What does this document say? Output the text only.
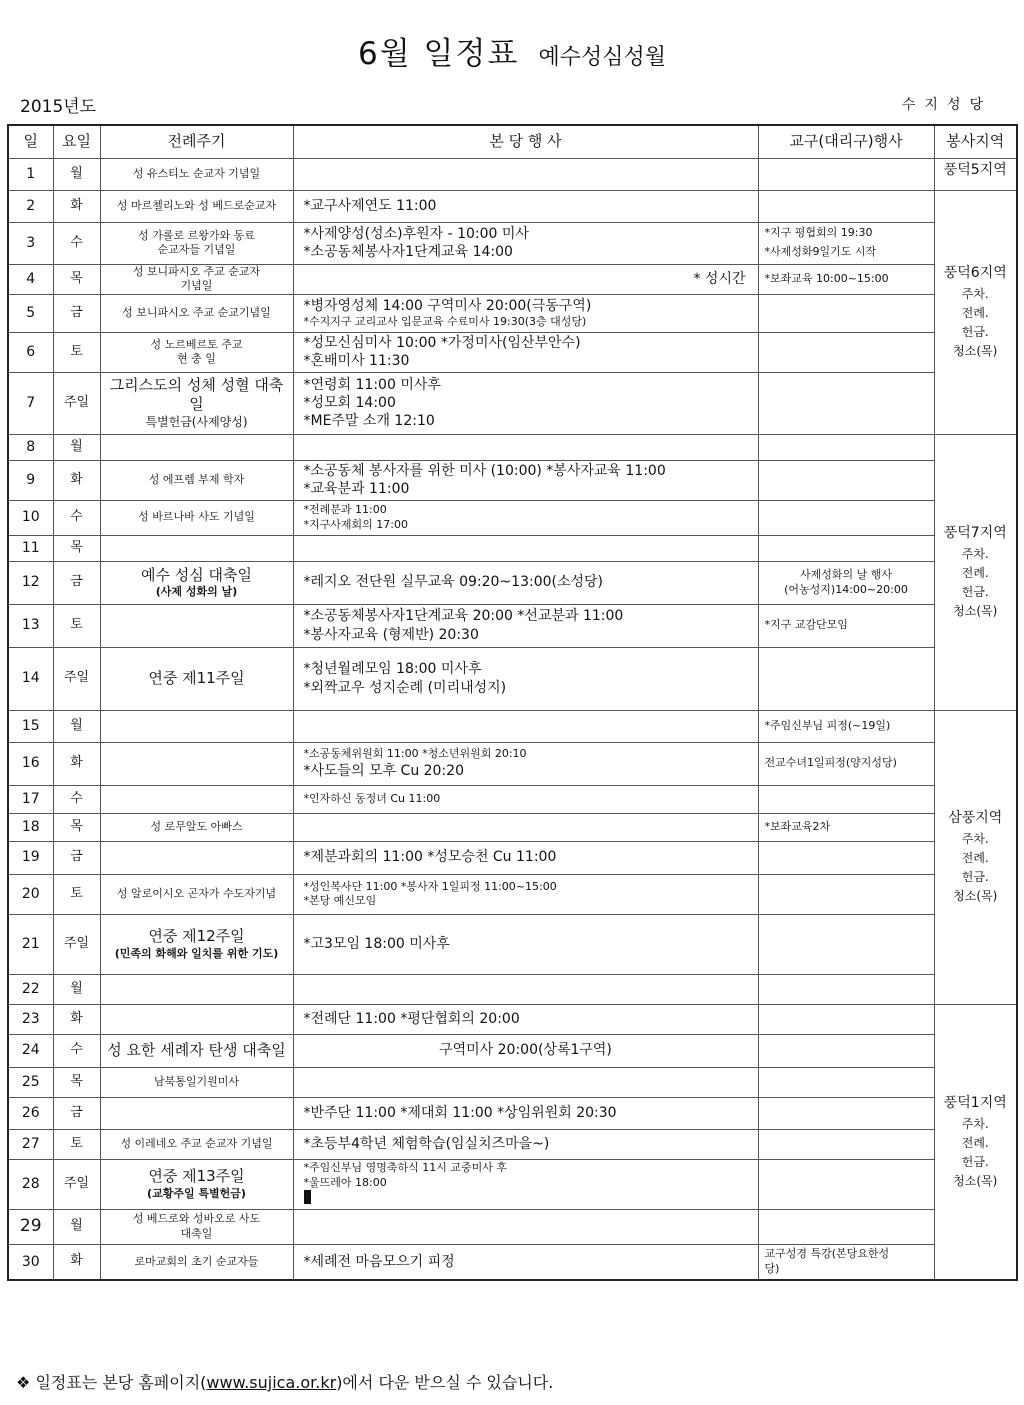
6월 일정표 예수성심성월
2015년도	수지성당
일	요일	전례주기	본 당 행 사	교구(대리구)행사	봉사지역
1	월	성 유스티노 순교자 기념일			풍덕5지역

2	화	성 마르첼리노와 성 베드로순교자	*교구사제연도 11:00		풍덕6지역
주차.
전례.
헌금.
청소(목)

3	수	성 가롤로 르왕가와 동료
순교자들 기념일	*사제양성(성소)후원자 - 10:00 미사
*소공동체봉사자1단계교육 14:00	*지구 평협회의 19:30
*사제성화9일기도 시작	

4	목	성 보니파시오 주교 순교자
기념일	* 성시간	*보좌교육 10:00~15:00	

5	금	성 보니파시오 주교 순교기념일	*병자영성체 14:00 구역미사 20:00(극동구역)
*수지지구 교리교사 입문교육 수료미사 19:30(3층 대성당)		

6	토	성 노르베르토 주교
현 충 일	*성모신심미사 10:00 *가정미사(임산부안수)
*혼배미사 11:30		

7	주일	그리스도의 성체 성혈 대축일
특별헌금(사제양성)	*연령회 11:00 미사후
*성모회 14:00
*ME주말 소개 12:10		

8	월				풍덕7지역
주차.
전례.
헌금.
청소(목)

9	화	성 에프렘 부제 학자	*소공동체 봉사자를 위한 미사 (10:00) *봉사자교육 11:00
*교육분과 11:00		

10	수	성 바르나바 사도 기념일	*전례분과 11:00
*지구사제회의 17:00		

11	목				
12	금	예수 성심 대축일
(사제 성화의 날)	*레지오 전단원 실무교육 09:20~13:00(소성당)	사제성화의 날 행사
(어농성지)14:00~20:00	

13	토		*소공동체봉사자1단계교육 20:00 *선교분과 11:00
*봉사자교육 (형제반) 20:30	*지구 교감단모임	

14	주일	연중 제11주일	*청년월례모임 18:00 미사후
*외짝교우 성지순례 (미리내성지)		

15	월			*주임신부님 피정(~19일)	삼풍지역
주차.
전례.
헌금.
청소(목)

16	화		*소공동체위원회 11:00 *청소년위원회 20:10
*사도들의 모후 Cu 20:20	전교수녀1일피정(양지성당)	

17	수		*인자하신 동정녀 Cu 11:00		

18	목	성 로무알도 아빠스		*보좌교육2차	

19	금		*제분과회의 11:00 *성모승천 Cu 11:00		

20	토	성 알로이시오 곤자가 수도자기념	*성인복사단 11:00 *봉사자 1일피정 11:00~15:00
*본당 예신모임		

21	주일	연중 제12주일
(민족의 화해와 일치를 위한 기도)	*고3모임 18:00 미사후		

22	월				
23	화		*전례단 11:00 *평단협회의 20:00		풍덕1지역
주차.
전례.
헌금.
청소(목)

24	수	성 요한 세례자 탄생 대축일	구역미사 20:00(상록1구역)		

25	목	남북통일기원미사			

26	금		*반주단 11:00 *제대회 11:00 *상임위원회 20:30		

27	토	성 이레네오 주교 순교자 기념일	*초등부4학년 체험학습(임실치즈마을~)		

28	주일	연중 제13주일
(교황주일 특별헌금)	*주임신부님 영명축하식 11시 교중미사 후
*울뜨레아 18:00		

29	월	성 베드로와 성바오로 사도
대축일			

30	화	로마교회의 초기 순교자들	*세례전 마음모으기 피정	교구성경 특강(본당요한성
당)	
❖ 일정표는 본당 홈페이지(www.sujica.or.kr)에서 다운 받으실 수 있습니다.
